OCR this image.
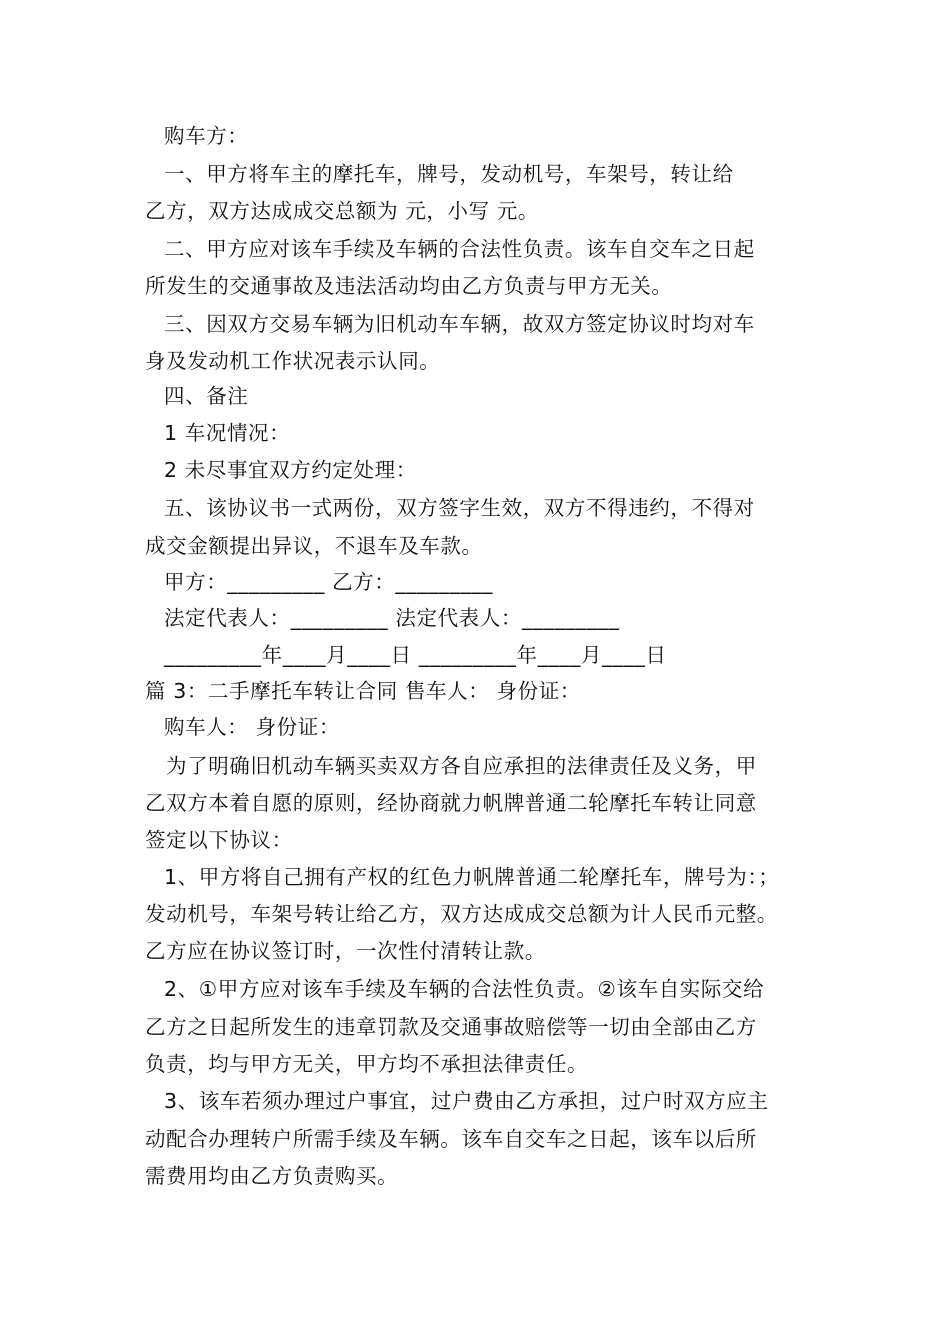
购车方：
一、甲方将车主的摩托车，牌号，发动机号，车架号，转让给
乙方，双方达成成交总额为 元，小写 元。
二、甲方应对该车手续及车辆的合法性负责。该车自交车之日起
所发生的交通事故及违法活动均由乙方负责与甲方无关。
三、因双方交易车辆为旧机动车车辆，故双方签定协议时均对车
身及发动机工作状况表示认同。
四、备注
1 车况情况：
2 未尽事宜双方约定处理：
五、该协议书一式两份，双方签字生效，双方不得违约，不得对
成交金额提出异议，不退车及车款。
甲方：_________ 乙方：_________
法定代表人：_________ 法定代表人：_________
_________年____月____日 _________年____月____日
篇 3：二手摩托车转让合同 售车人： 身份证：
购车人： 身份证：
为了明确旧机动车辆买卖双方各自应承担的法律责任及义务，甲
乙双方本着自愿的原则，经协商就力帆牌普通二轮摩托车转让同意
签定以下协议：
1、甲方将自己拥有产权的红色力帆牌普通二轮摩托车，牌号为：；
发动机号，车架号转让给乙方，双方达成成交总额为计人民币元整。
乙方应在协议签订时，一次性付清转让款。
2、①甲方应对该车手续及车辆的合法性负责。②该车自实际交给
乙方之日起所发生的违章罚款及交通事故赔偿等一切由全部由乙方
负责，均与甲方无关，甲方均不承担法律责任。
3、该车若须办理过户事宜，过户费由乙方承担，过户时双方应主
动配合办理转户所需手续及车辆。该车自交车之日起，该车以后所
需费用均由乙方负责购买。
